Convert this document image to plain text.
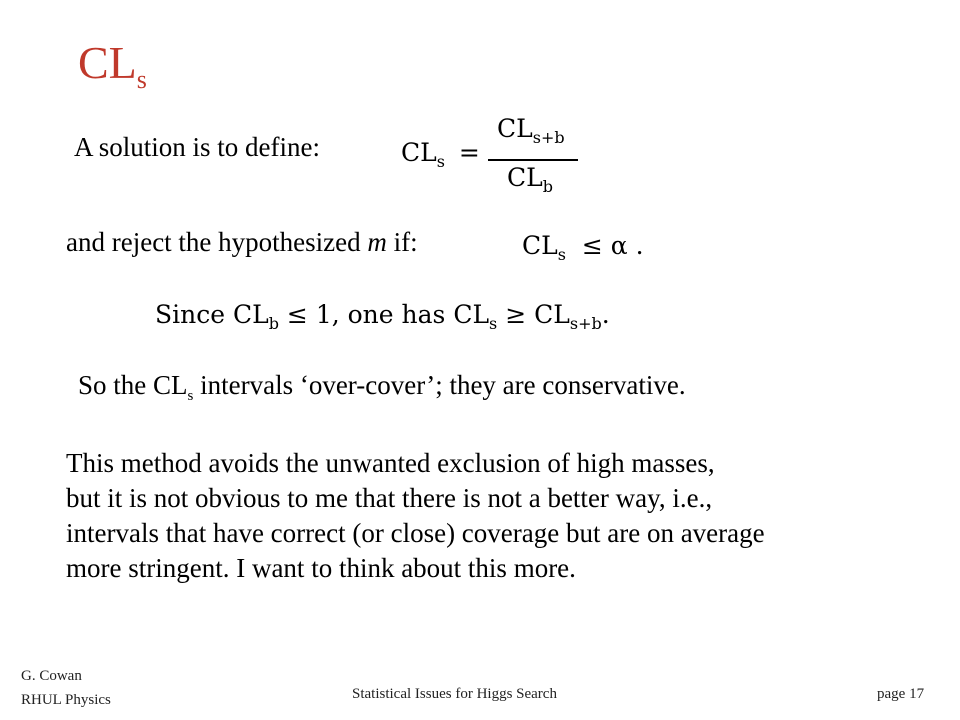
$CL_s$
A solution is to define:	$CL_s$ =
$CL_{s+b}$
$CL_b$
and reject the hypothesized m if:	$CL_s \le \alpha$ .
Since $CL_b \le 1$, one has $CL_s \ge CL_{s+b}$.
So the $CL_s$ intervals ‘over-cover’; they are conservative.
This method avoids the unwanted exclusion of high masses,
but it is not obvious to me that there is not a better way, i.e.,
intervals that have correct (or close) coverage but are on average
more stringent. I want to think about this more.
G. Cowan
RHUL Physics	Statistical Issues for Higgs Search	page 17
